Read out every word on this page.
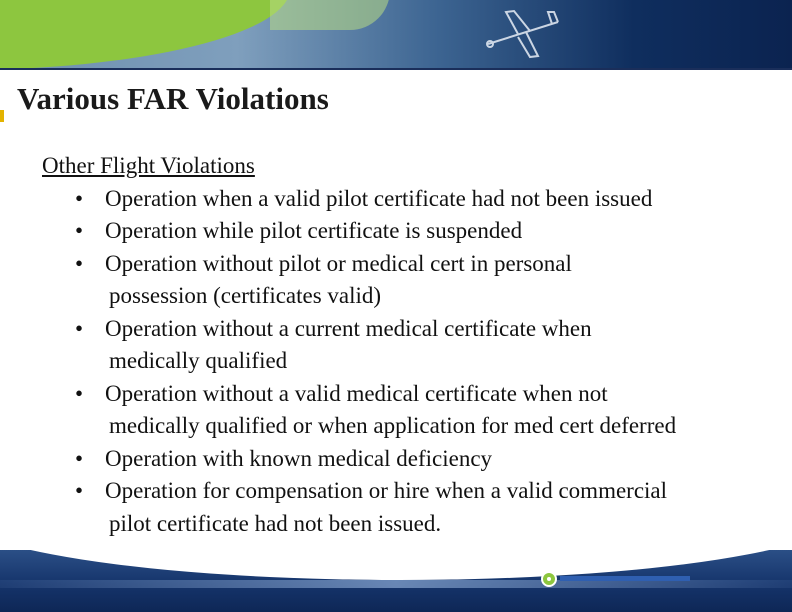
Various FAR Violations

Other Flight Violations

• Operation when a valid pilot certificate had not been issued
• Operation while pilot certificate is suspended
• Operation without pilot or medical cert in personal
possession (certificates valid)
• Operation without a current medical certificate when
medically qualified
• Operation without a valid medical certificate when not
medically qualified or when application for med cert deferred
• Operation with known medical deficiency
• Operation for compensation or hire when a valid commercial
pilot certificate had not been issued.
